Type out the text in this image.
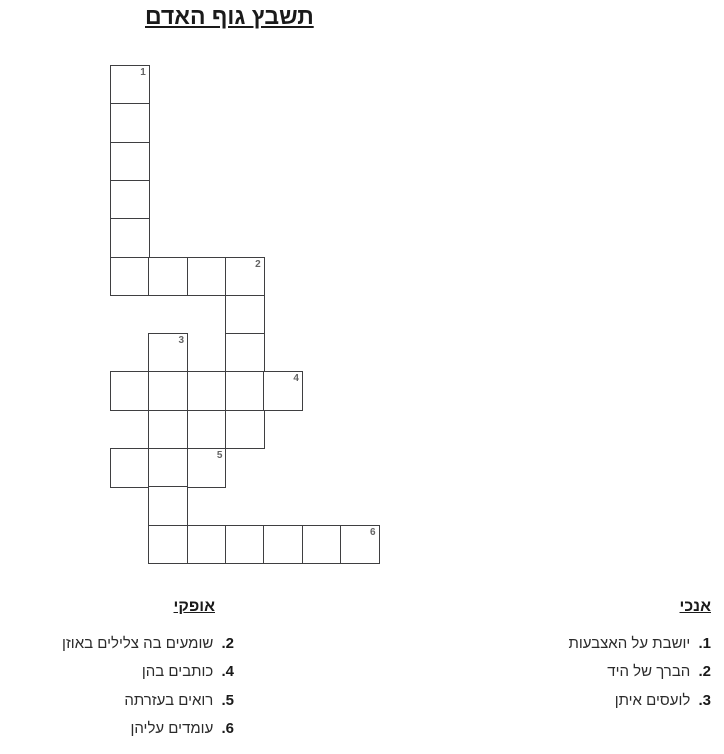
תשבץ גוף האדם
1
2
3
4
5
6
אופקי
2. שומעים בה צלילים באוזן
4. כותבים בהן
5. רואים בעזרתה
6. עומדים עליהן
אנכי
1. יושבת על האצבעות
2. הברך של היד
3. לועסים איתן
